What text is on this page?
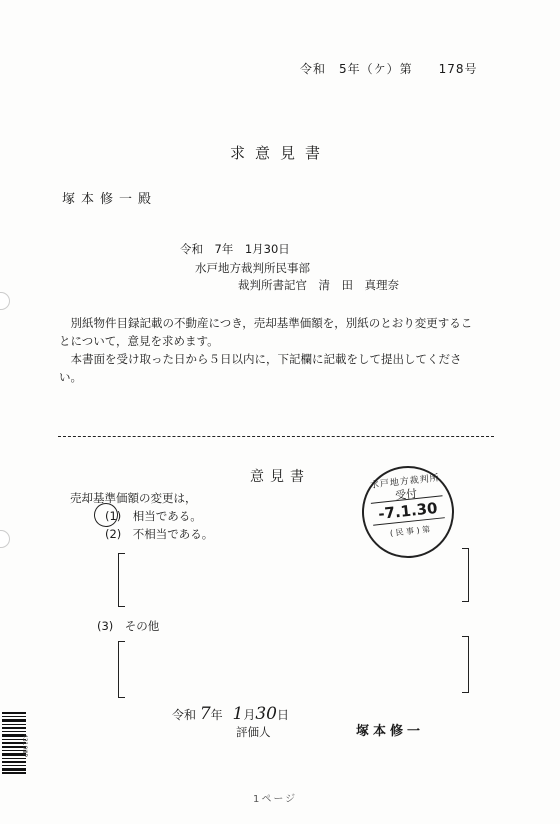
令和　5年（ケ）第　　178号
求意見書
塚本修一殿
令和　7年　1月30日
水戸地方裁判所民事部
裁判所書記官　清　田　真理奈
別紙物件目録記載の不動産につき，売却基準価額を，別紙のとおり変更することについて，意見を求めます。
本書面を受け取った日から５日以内に，下記欄に記載をして提出してください。
意見書
売却基準価額の変更は，
(1)　相当である。
(2)　不相当である。
(3)　その他
水戸地方裁判所
受付
-7.1.30
( 民 事 ) 第
令和 7年 1月30日
評価人	塚本修一
1ページ
4319ⅢP
